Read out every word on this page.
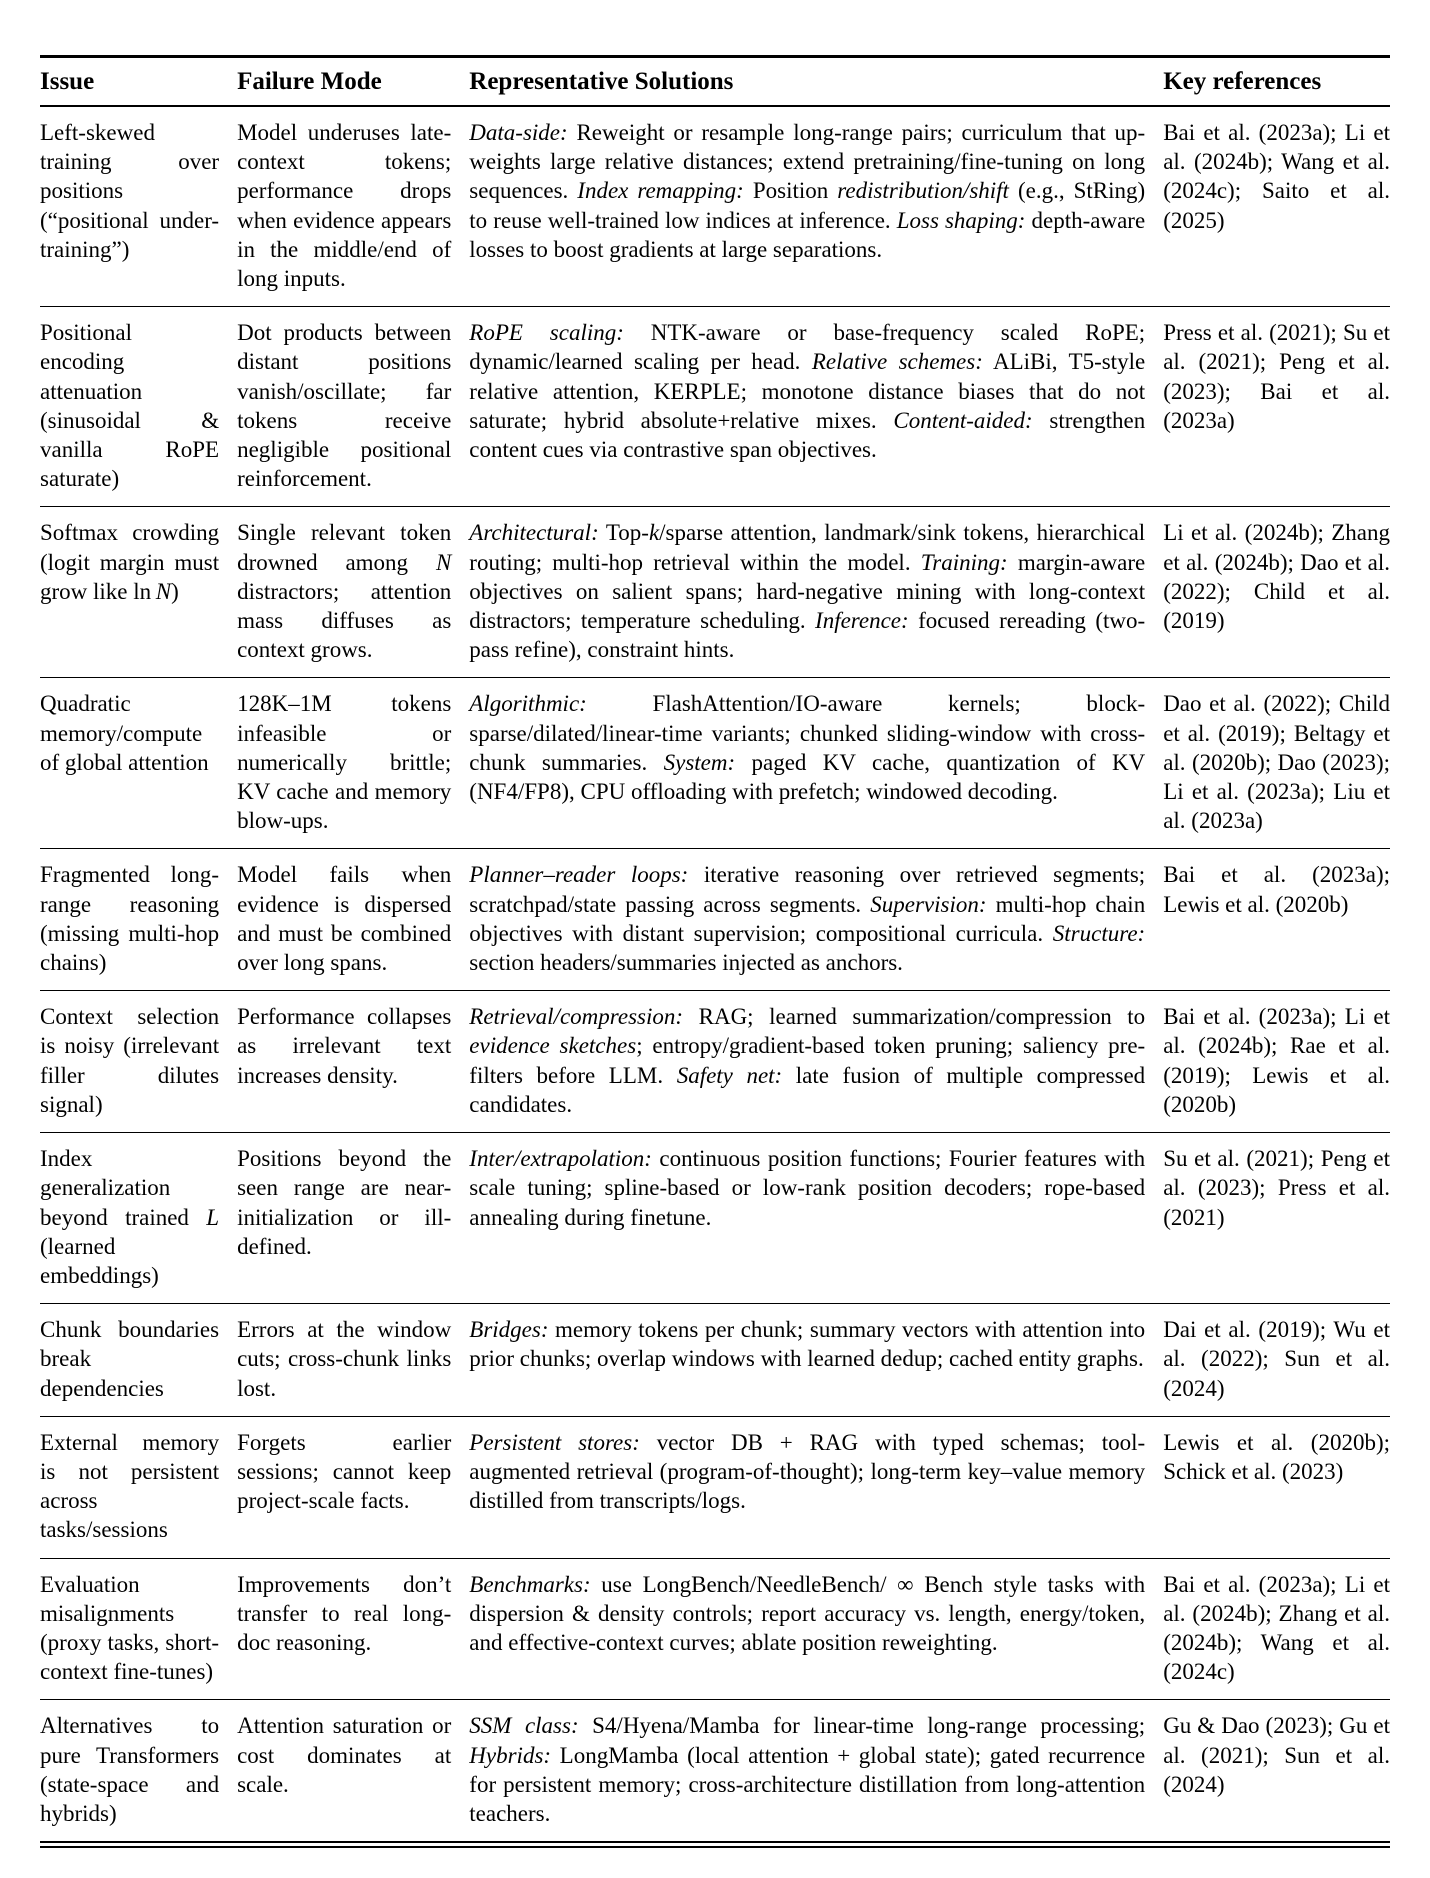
Issue	Failure Mode	Representative Solutions	Key references
Left-skewed training over positions (“positional under-training”)	Model underuses late-context tokens; performance drops when evidence appears in the middle/end of long inputs.	Data-side: Reweight or resample long-range pairs; curriculum that up-weights large relative distances; extend pretraining/fine-tuning on long sequences. Index remapping: Position redistribution/shift (e.g., StRing) to reuse well-trained low indices at inference. Loss shaping: depth-aware losses to boost gradients at large separations.	Bai et al. (2023a); Li et al. (2024b); Wang et al. (2024c); Saito et al. (2025)
Positional encoding attenuation (sinusoidal & vanilla RoPE saturate)	Dot products between distant positions vanish/oscillate; far tokens receive negligible positional reinforcement.	RoPE scaling: NTK-aware or base-frequency scaled RoPE; dynamic/learned scaling per head. Relative schemes: ALiBi, T5-style relative attention, KERPLE; monotone distance biases that do not saturate; hybrid absolute+relative mixes. Content-aided: strengthen content cues via contrastive span objectives.	Press et al. (2021); Su et al. (2021); Peng et al. (2023); Bai et al. (2023a)
Softmax crowding (logit margin must grow like ln N)	Single relevant token drowned among N distractors; attention mass diffuses as context grows.	Architectural: Top-k/sparse attention, landmark/sink tokens, hierarchical routing; multi-hop retrieval within the model. Training: margin-aware objectives on salient spans; hard-negative mining with long-context distractors; temperature scheduling. Inference: focused rereading (two-pass refine), constraint hints.	Li et al. (2024b); Zhang et al. (2024b); Dao et al. (2022); Child et al. (2019)
Quadratic memory/compute of global attention	128K–1M tokens infeasible or numerically brittle; KV cache and memory blow-ups.	Algorithmic: FlashAttention/IO-aware kernels; block-sparse/dilated/linear-time variants; chunked sliding-window with cross-chunk summaries. System: paged KV cache, quantization of KV (NF4/FP8), CPU offloading with prefetch; windowed decoding.	Dao et al. (2022); Child et al. (2019); Beltagy et al. (2020b); Dao (2023); Li et al. (2023a); Liu et al. (2023a)
Fragmented long-range reasoning (missing multi-hop chains)	Model fails when evidence is dispersed and must be combined over long spans.	Planner–reader loops: iterative reasoning over retrieved segments; scratchpad/state passing across segments. Supervision: multi-hop chain objectives with distant supervision; compositional curricula. Structure: section headers/summaries injected as anchors.	Bai et al. (2023a); Lewis et al. (2020b)
Context selection is noisy (irrelevant filler dilutes signal)	Performance collapses as irrelevant text increases density.	Retrieval/compression: RAG; learned summarization/compression to evidence sketches; entropy/gradient-based token pruning; saliency pre-filters before LLM. Safety net: late fusion of multiple compressed candidates.	Bai et al. (2023a); Li et al. (2024b); Rae et al. (2019); Lewis et al. (2020b)
Index generalization beyond trained L (learned embeddings)	Positions beyond the seen range are near-initialization or ill-defined.	Inter/extrapolation: continuous position functions; Fourier features with scale tuning; spline-based or low-rank position decoders; rope-based annealing during finetune.	Su et al. (2021); Peng et al. (2023); Press et al. (2021)
Chunk boundaries break dependencies	Errors at the window cuts; cross-chunk links lost.	Bridges: memory tokens per chunk; summary vectors with attention into prior chunks; overlap windows with learned dedup; cached entity graphs.	Dai et al. (2019); Wu et al. (2022); Sun et al. (2024)
External memory is not persistent across tasks/sessions	Forgets earlier sessions; cannot keep project-scale facts.	Persistent stores: vector DB + RAG with typed schemas; tool-augmented retrieval (program-of-thought); long-term key–value memory distilled from transcripts/logs.	Lewis et al. (2020b); Schick et al. (2023)
Evaluation misalignments (proxy tasks, short-context fine-tunes)	Improvements don’t transfer to real long-doc reasoning.	Benchmarks: use LongBench/NeedleBench/ ∞ Bench style tasks with dispersion & density controls; report accuracy vs. length, energy/token, and effective-context curves; ablate position reweighting.	Bai et al. (2023a); Li et al. (2024b); Zhang et al. (2024b); Wang et al. (2024c)
Alternatives to pure Transformers (state-space and hybrids)	Attention saturation or cost dominates at scale.	SSM class: S4/Hyena/Mamba for linear-time long-range processing; Hybrids: LongMamba (local attention + global state); gated recurrence for persistent memory; cross-architecture distillation from long-attention teachers.	Gu & Dao (2023); Gu et al. (2021); Sun et al. (2024)
